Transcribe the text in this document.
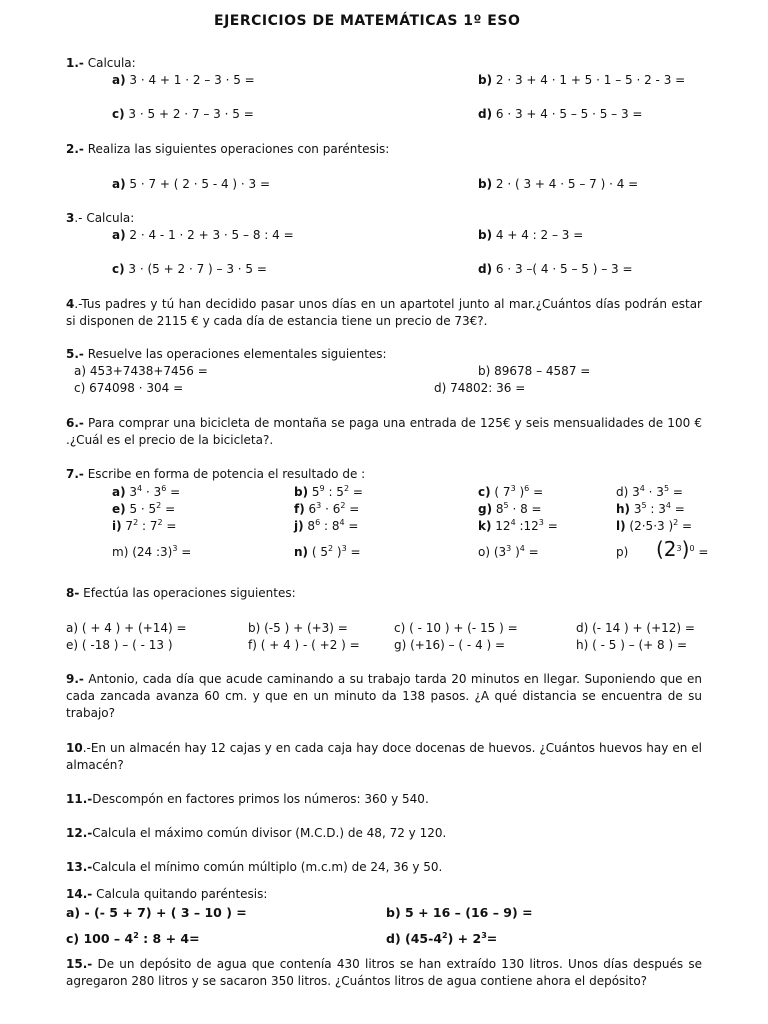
EJERCICIOS DE MATEMÁTICAS 1º ESO
1.- Calcula:
a) 3 · 4 + 1 · 2 – 3 · 5 =	b) 2 · 3 + 4 · 1 + 5 · 1 – 5 · 2 - 3 =
c) 3 · 5 + 2 · 7 – 3 · 5 =	d) 6 · 3 + 4 · 5 – 5 · 5 – 3 =
2.- Realiza las siguientes operaciones con paréntesis:
a) 5 · 7 + ( 2 · 5 - 4 ) · 3 =	b) 2 · ( 3 + 4 · 5 – 7 ) · 4 =
3.- Calcula:
a) 2 · 4 - 1 · 2 + 3 · 5 – 8 : 4 =	b) 4 + 4 : 2 – 3 =
c) 3 · (5 + 2 · 7 ) – 3 · 5 =	d) 6 · 3 –( 4 · 5 – 5 ) – 3 =
4.-Tus padres y tú han decidido pasar unos días en un apartotel junto al mar.¿Cuántos días podrán estar si disponen de 2115 € y cada día de estancia tiene un precio de 73€?.
5.- Resuelve las operaciones elementales siguientes:
a) 453+7438+7456 =	b) 89678 – 4587 =
c) 674098 · 304 =	d) 74802: 36 =
6.- Para comprar una bicicleta de montaña se paga una entrada de 125€ y seis mensualidades de 100 € .¿Cuál es el precio de la bicicleta?.
7.- Escribe en forma de potencia el resultado de :
a) $3^4 \cdot 3^6$ =	b) $5^9$ : $5^2$ =	c) ( $7^3$ )$^6$ =	d) $3^4 \cdot 3^5$ =
e) $5 \cdot 5^2$ =	f) $6^3 \cdot 6^2$ =	g) $8^5 \cdot 8$ =	h) $3^5$ : $3^4$ =
i) $7^2$ : $7^2$ =	j) $8^6$ : $8^4$ =	k) $12^4$ $:12^3$ =	l) (2·5·3 )$^2$ =
m) (24 :3)$^3$ =	n) ( $5^2$ )$^3$ =	o) ($3^3$ )$^4$ =	p) $(2^3)^0$ =
8- Efectúa las operaciones siguientes:
a) ( + 4 ) + (+14) =	b) (-5 ) + (+3) =	c) ( - 10 ) + (- 15 ) =	d) (- 14 ) + (+12) =
e) ( -18 ) – ( - 13 )	f) ( + 4 ) - ( +2 ) =	g) (+16) – ( - 4 ) =	h) ( - 5 ) – (+ 8 ) =
9.- Antonio, cada día que acude caminando a su trabajo tarda 20 minutos en llegar. Suponiendo que en cada zancada avanza 60 cm. y que en un minuto da 138 pasos. ¿A qué distancia se encuentra de su trabajo?
10.-En un almacén hay 12 cajas y en cada caja hay doce docenas de huevos. ¿Cuántos huevos hay en el almacén?
11.-Descompón en factores primos los números: 360 y 540.
12.-Calcula el máximo común divisor (M.C.D.) de 48, 72 y 120.
13.-Calcula el mínimo común múltiplo (m.c.m) de 24, 36 y 50.
14.- Calcula quitando paréntesis:
a) - (- 5 + 7) + ( 3 – 10 ) =	b) 5 + 16 – (16 – 9) =
c) $100 - 4^2$ : 8 + 4=	d) $(45-4^2) + 2^3=$
15.- De un depósito de agua que contenía 430 litros se han extraído 130 litros. Unos días después se agregaron 280 litros y se sacaron 350 litros. ¿Cuántos litros de agua contiene ahora el depósito?
